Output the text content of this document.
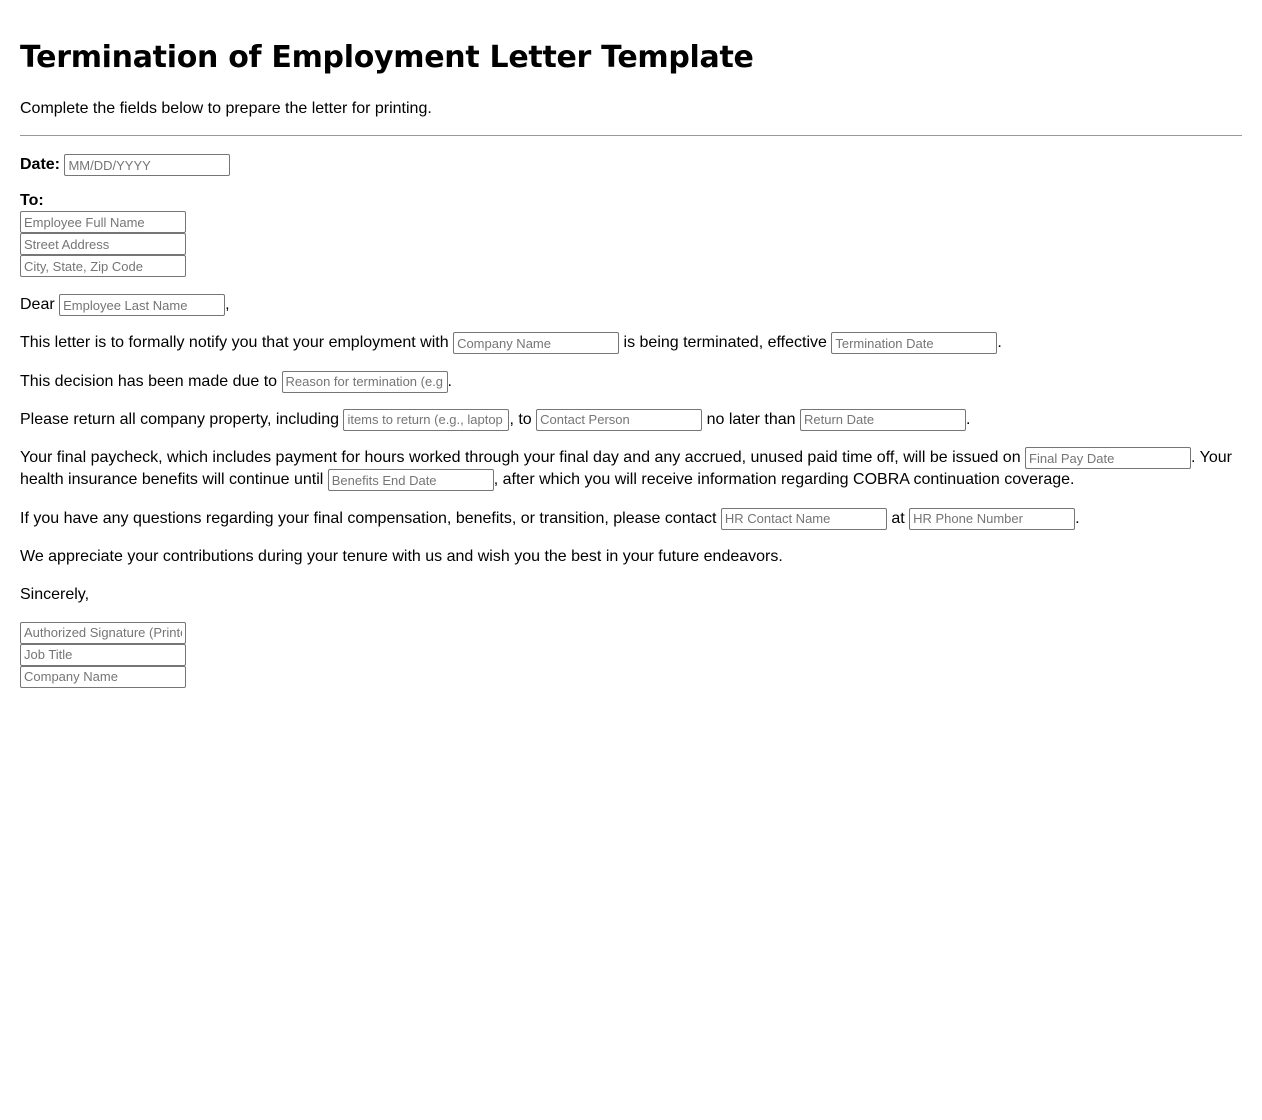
Termination of Employment Letter Template

Complete the fields below to prepare the letter for printing.

Date: MM/DD/YYYY
To:
Employee Full Name
Street Address
City, State, Zip Code

Dear Employee Last Name	,

This letter is to formally notify you that your employment with Company Name	is being terminated, effective Termination Date	.

This decision has been made due to Reason for termination (e.g.,	.

Please return all company property, including items to return (e.g., laptop	, to Contact Person	no later than Return Date	.

Your final paycheck, which includes payment for hours worked through your final day and any accrued, unused paid time off, will be issued on Final Pay Date	. Your health insurance benefits will continue until Benefits End Date	, after which you will receive information regarding COBRA continuation coverage.

If you have any questions regarding your final compensation, benefits, or transition, please contact HR Contact Name	at HR Phone Number	.

We appreciate your contributions during your tenure with us and wish you the best in your future endeavors.

Sincerely,

Authorized Signature (Printed Name)
Job Title
Company Name
